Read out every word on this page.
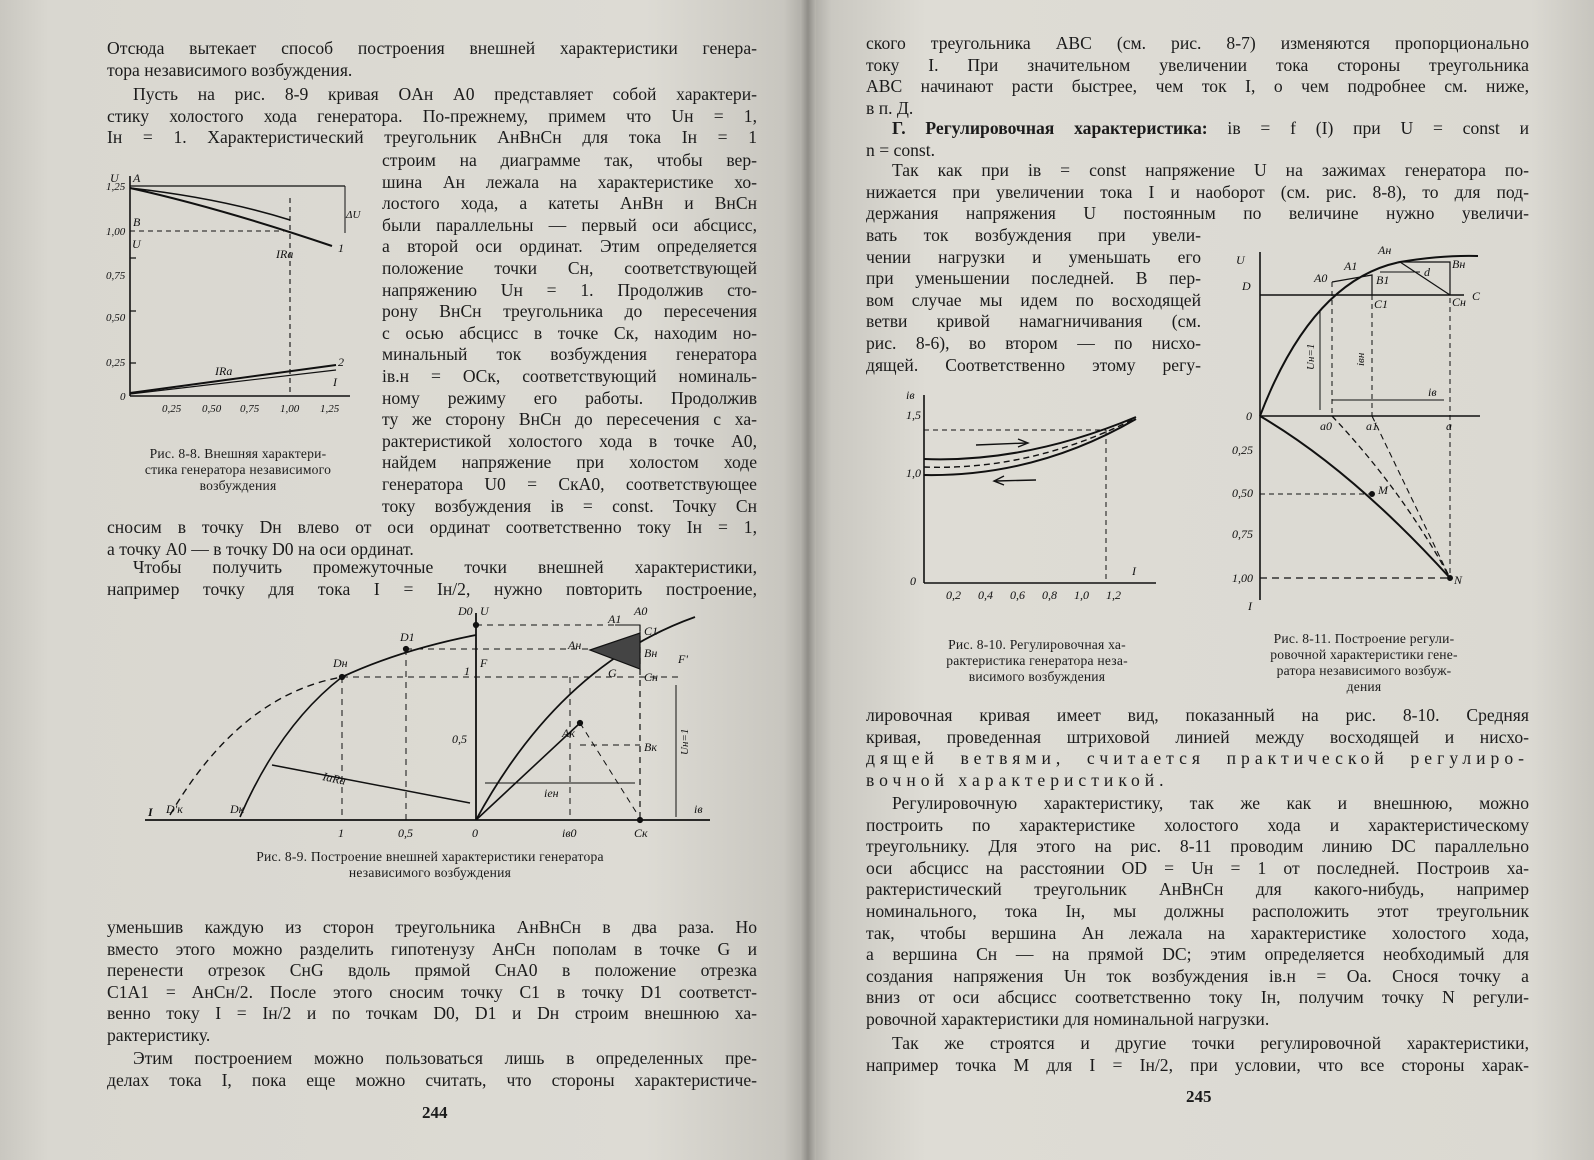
Отсюда вытекает способ построения внешней характеристики генера-

тора независимого возбуждения.

Пусть на рис. 8-9 кривая OAн A0 представляет собой характери-

стику холостого хода генератора. По-прежнему, примем что Uн = 1,

Iн = 1. Характеристический треугольник AнBнCн для тока Iн = 1

строим на диаграмме так, чтобы вер-

шина Aн лежала на характеристике хо-

лостого хода, а катеты AнBн и BнCн

были параллельны — первый оси абсцисс,

а второй оси ординат. Этим определяется

положение точки Cн, соответствующей

напряжению Uн = 1. Продолжив сто-

рону BнCн треугольника до пересечения

с осью абсцисс в точке Cк, находим но-

минальный ток возбуждения генератора

iв.н = OCк, соответствующий номиналь-

ному режиму его работы. Продолжив

ту же сторону BнCн до пересечения с ха-

рактеристикой холостого хода в точке A0,

найдем напряжение при холостом ходе

генератора U0 = CкA0, соответствующее

току возбуждения iв = const. Точку Cн

сносим в точку Dн влево от оси ординат соответственно току Iн = 1,

а точку A0 — в точку D0 на оси ординат.

Чтобы получить промежуточные точки внешней характеристики,

например точку для тока I = Iн/2, нужно повторить построение,

уменьшив каждую из сторон треугольника AнBнCн в два раза. Но

вместо этого можно разделить гипотенузу AнCн пополам в точке G и

перенести отрезок CнG вдоль прямой CнA0 в положение отрезка

C1A1 = AнCн/2. После этого сносим точку C1 в точку D1 соответст-

венно току I = Iн/2 и по точкам D0, D1 и Dн строим внешнюю ха-

рактеристику.

Этим построением можно пользоваться лишь в определенных пре-

делах тока I, пока еще можно считать, что стороны характеристиче-

244
U A
B
U
ΔU
IRa
IRa
1
2
I
1,25
1,00
0,75
0,50
0,25
0
0,25 0,50 0,75 1,00 1,25
Рис. 8-8. Внешняя характери-
стика генератора независимого
возбуждения
D0 U
D1
Dн	F	F'
1
0,5
A1
A0
C1
Aн
Bн
G Cн
Aк
Bк Uн=1
IaRa
iен
I D'к	Dк	iв
1	0,5	0	iв0	Cк
Рис. 8-9. Построение внешней характеристики генератора
независимого возбуждения

ского треугольника ABC (см. рис. 8-7) изменяются пропорционально

току I. При значительном увеличении тока стороны треугольника

ABC начинают расти быстрее, чем ток I, о чем подробнее см. ниже,

в п. Д.

Г. Регулировочная характеристика: iв = f (I) при U = const и

n = const.

Так как при iв = const напряжение U на зажимах генератора по-

нижается при увеличении тока I и наоборот (см. рис. 8-8), то для под-

держания напряжения U постоянным по величине нужно увеличи-

вать ток возбуждения при увели-

чении нагрузки и уменьшать его

при уменьшении последней. В пер-

вом случае мы идем по восходящей

ветви кривой намагничивания (см.

рис. 8-6), во втором — по нисхо-

дящей. Соответственно этому регу-

лировочная кривая имеет вид, показанный на рис. 8-10. Средняя

кривая, проведенная штриховой линией между восходящей и нисхо-

дящей ветвями, считается практической регулиро-

вочной характеристикой.

Регулировочную характеристику, так же как и внешнюю, можно

построить по характеристике холостого хода и характеристическому

треугольнику. Для этого на рис. 8-11 проводим линию DC параллельно

оси абсцисс на расстоянии OD = Uн = 1 от последней. Построив ха-

рактеристический треугольник AнBнCн для какого-нибудь, например

номинального, тока Iн, мы должны расположить этот треугольник

так, чтобы вершина Aн лежала на характеристике холостого хода,

а вершина Cн — на прямой DC; этим определяется необходимый для

создания напряжения Uн ток возбуждения iв.н = Oa. Снося точку a

вниз от оси абсцисс соответственно току Iн, получим точку N регули-

ровочной характеристики для номинальной нагрузки.

Так же строятся и другие точки регулировочной характеристики,

например точка M для I = Iн/2, при условии, что все стороны харак-

245
iв
I
1,5
1,0
0
0,2 0,4 0,6 0,8 1,0 1,2
Рис. 8-10. Регулировочная ха-
рактеристика генератора неза-
висимого возбуждения
U
D
Aн
A1
A0	B1
d
Bн
C1	Cн C
Uн=1	iвн
iв
0
a0	a1	a
M
N
I
0,25
0,50
0,75
1,00
Рис. 8-11. Построение регули-
ровочной характеристики гене-
ратора независимого возбуж-
дения
